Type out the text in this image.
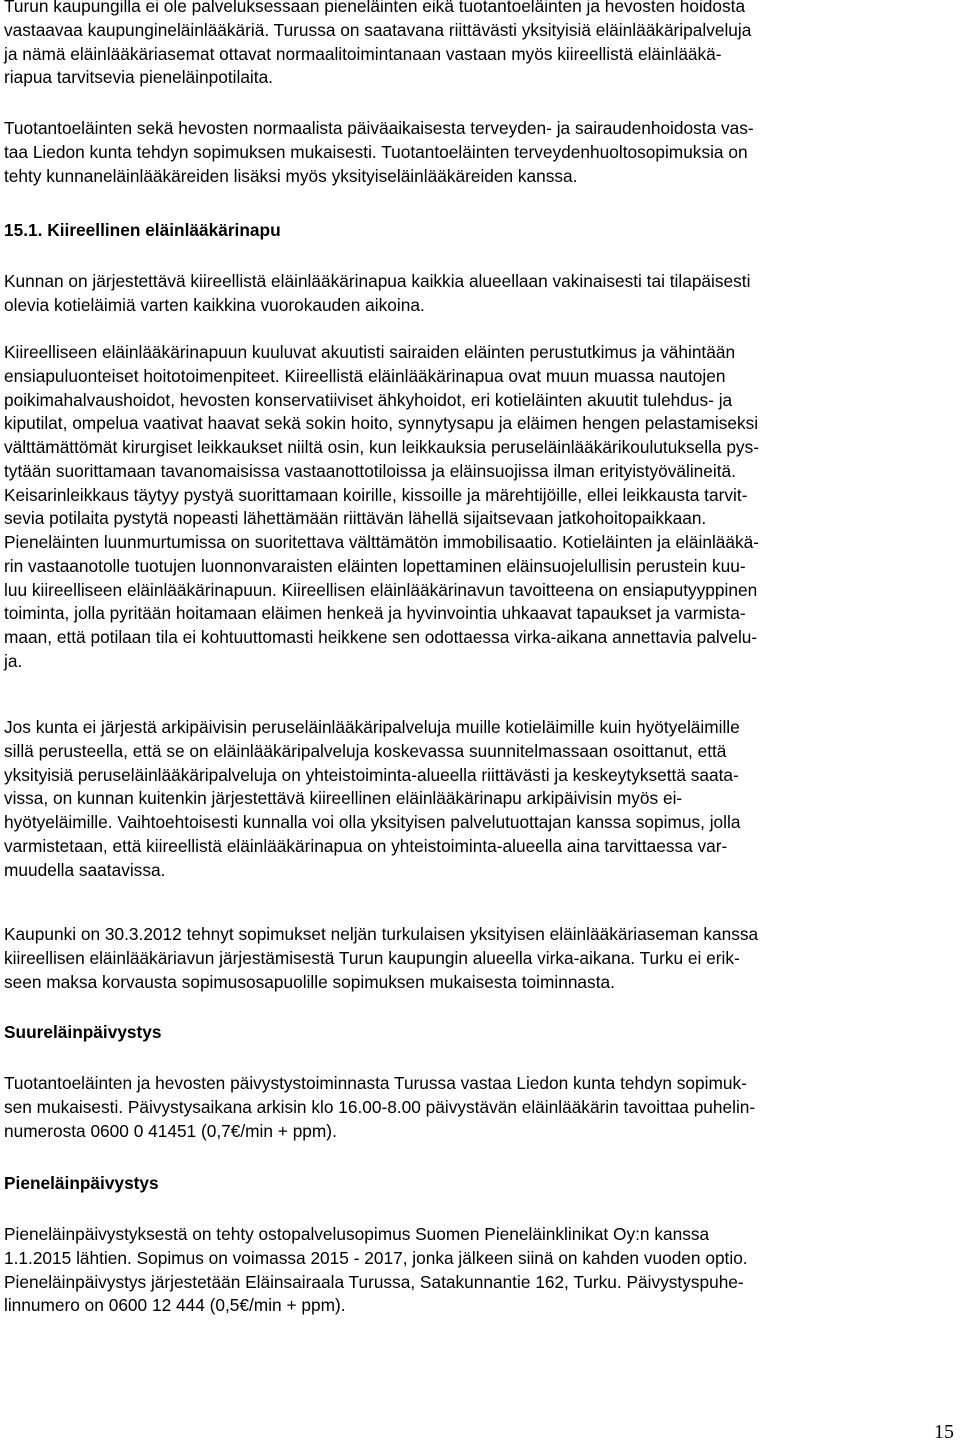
Turun kaupungilla ei ole palveluksessaan pieneläinten eikä tuotantoeläinten ja hevosten hoidosta
vastaavaa kaupungineläinlääkäriä. Turussa on saatavana riittävästi yksityisiä eläinlääkäripalveluja
ja nämä eläinlääkäriasemat ottavat normaalitoimintanaan vastaan myös kiireellistä eläinlääkä-
riapua tarvitsevia pieneläinpotilaita.

Tuotantoeläinten sekä hevosten normaalista päiväaikaisesta terveyden- ja sairaudenhoidosta vas-
taa Liedon kunta tehdyn sopimuksen mukaisesti. Tuotantoeläinten terveydenhuoltosopimuksia on
tehty kunnaneläinlääkäreiden lisäksi myös yksityiseläinlääkäreiden kanssa.

15.1. Kiireellinen eläinlääkärinapu

Kunnan on järjestettävä kiireellistä eläinlääkärinapua kaikkia alueellaan vakinaisesti tai tilapäisesti
olevia kotieläimiä varten kaikkina vuorokauden aikoina.

Kiireelliseen eläinlääkärinapuun kuuluvat akuutisti sairaiden eläinten perustutkimus ja vähintään
ensiapuluonteiset hoitotoimenpiteet. Kiireellistä eläinlääkärinapua ovat muun muassa nautojen
poikimahalvaushoidot, hevosten konservatiiviset ähkyhoidot, eri kotieläinten akuutit tulehdus- ja
kiputilat, ompelua vaativat haavat sekä sokin hoito, synnytysapu ja eläimen hengen pelastamiseksi
välttämättömät kirurgiset leikkaukset niiltä osin, kun leikkauksia peruseläinlääkärikoulutuksella pys-
tytään suorittamaan tavanomaisissa vastaanottotiloissa ja eläinsuojissa ilman erityistyövälineitä.
Keisarinleikkaus täytyy pystyä suorittamaan koirille, kissoille ja märehtijöille, ellei leikkausta tarvit-
sevia potilaita pystytä nopeasti lähettämään riittävän lähellä sijaitsevaan jatkohoitopaikkaan.
Pieneläinten luunmurtumissa on suoritettava välttämätön immobilisaatio. Kotieläinten ja eläinlääkä-
rin vastaanotolle tuotujen luonnonvaraisten eläinten lopettaminen eläinsuojelullisin perustein kuu-
luu kiireelliseen eläinlääkärinapuun. Kiireellisen eläinlääkärinavun tavoitteena on ensiaputyyppinen
toiminta, jolla pyritään hoitamaan eläimen henkeä ja hyvinvointia uhkaavat tapaukset ja varmista-
maan, että potilaan tila ei kohtuuttomasti heikkene sen odottaessa virka-aikana annettavia palvelu-
ja.

Jos kunta ei järjestä arkipäivisin peruseläinlääkäripalveluja muille kotieläimille kuin hyötyeläimille
sillä perusteella, että se on eläinlääkäripalveluja koskevassa suunnitelmassaan osoittanut, että
yksityisiä peruseläinlääkäripalveluja on yhteistoiminta-alueella riittävästi ja keskeytyksettä saata-
vissa, on kunnan kuitenkin järjestettävä kiireellinen eläinlääkärinapu arkipäivisin myös ei-
hyötyeläimille. Vaihtoehtoisesti kunnalla voi olla yksityisen palvelutuottajan kanssa sopimus, jolla
varmistetaan, että kiireellistä eläinlääkärinapua on yhteistoiminta-alueella aina tarvittaessa var-
muudella saatavissa.

Kaupunki on 30.3.2012 tehnyt sopimukset neljän turkulaisen yksityisen eläinlääkäriaseman kanssa
kiireellisen eläinlääkäriavun järjestämisestä Turun kaupungin alueella virka-aikana. Turku ei erik-
seen maksa korvausta sopimusosapuolille sopimuksen mukaisesta toiminnasta.

Suureläinpäivystys

Tuotantoeläinten ja hevosten päivystystoiminnasta Turussa vastaa Liedon kunta tehdyn sopimuk-
sen mukaisesti. Päivystysaikana arkisin klo 16.00-8.00 päivystävän eläinlääkärin tavoittaa puhelin-
numerosta 0600 0 41451 (0,7€/min + ppm).

Pieneläinpäivystys

Pieneläinpäivystyksestä on tehty ostopalvelusopimus Suomen Pieneläinklinikat Oy:n kanssa
1.1.2015 lähtien. Sopimus on voimassa 2015 - 2017, jonka jälkeen siinä on kahden vuoden optio.
Pieneläinpäivystys järjestetään Eläinsairaala Turussa, Satakunnantie 162, Turku. Päivystyspuhe-
linnumero on 0600 12 444 (0,5€/min + ppm).

15
